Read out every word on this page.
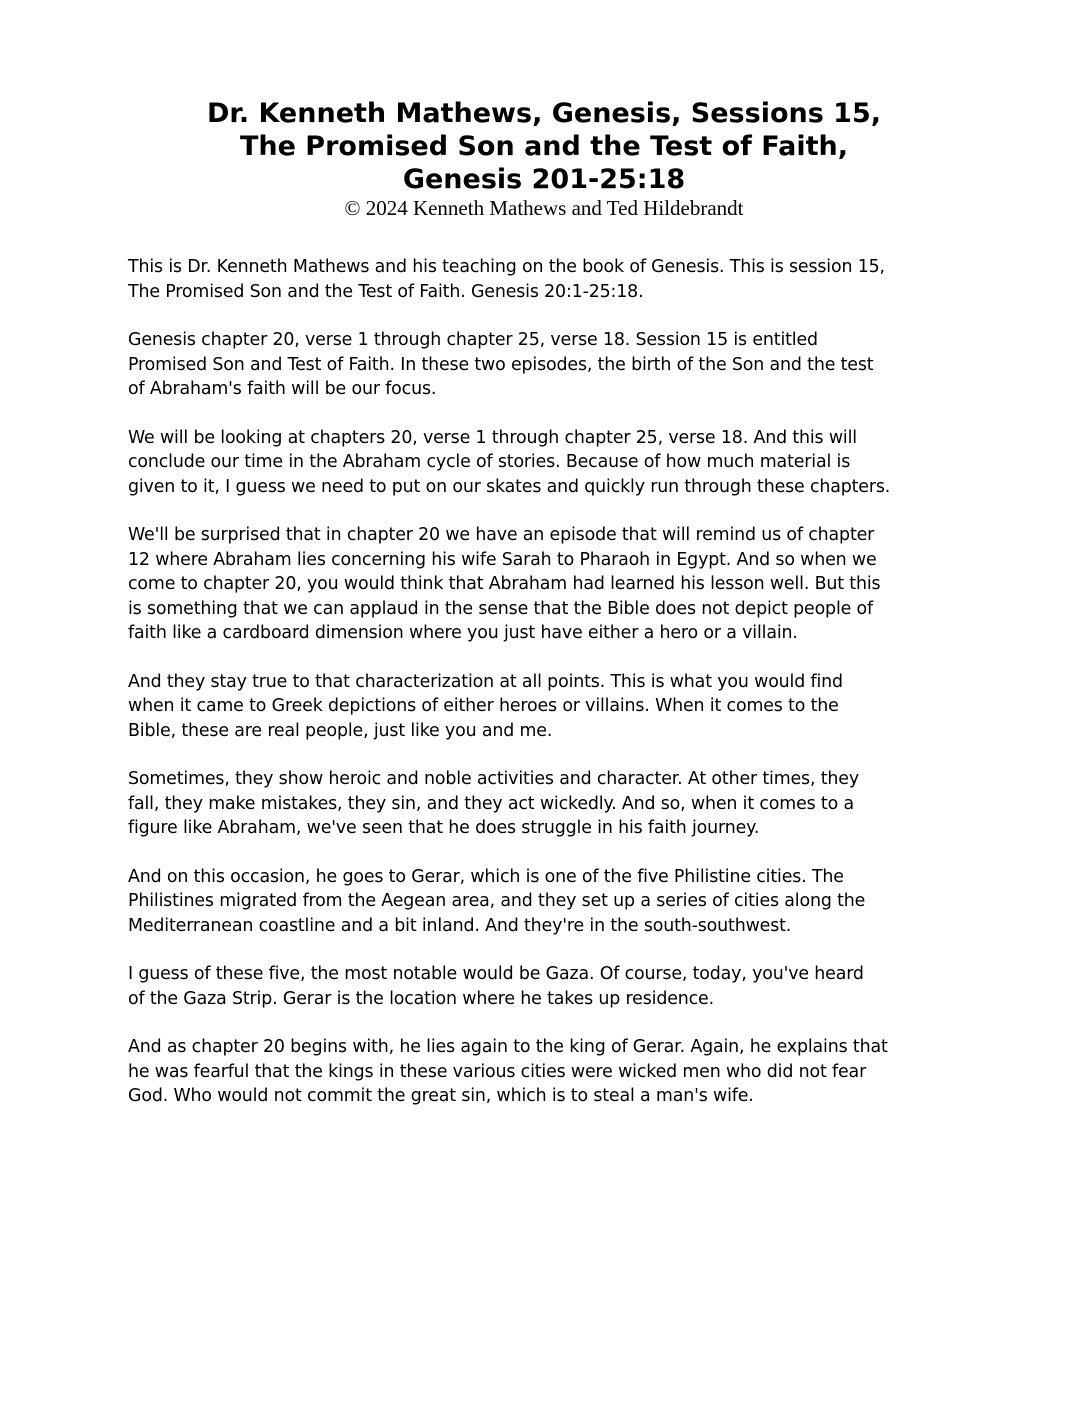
Dr. Kenneth Mathews, Genesis, Sessions 15,

The Promised Son and the Test of Faith,

Genesis 201-25:18

© 2024 Kenneth Mathews and Ted Hildebrandt

This is Dr. Kenneth Mathews and his teaching on the book of Genesis. This is session 15,
The Promised Son and the Test of Faith. Genesis 20:1-25:18.

Genesis chapter 20, verse 1 through chapter 25, verse 18. Session 15 is entitled
Promised Son and Test of Faith. In these two episodes, the birth of the Son and the test
of Abraham's faith will be our focus.

We will be looking at chapters 20, verse 1 through chapter 25, verse 18. And this will
conclude our time in the Abraham cycle of stories. Because of how much material is
given to it, I guess we need to put on our skates and quickly run through these chapters.

We'll be surprised that in chapter 20 we have an episode that will remind us of chapter
12 where Abraham lies concerning his wife Sarah to Pharaoh in Egypt. And so when we
come to chapter 20, you would think that Abraham had learned his lesson well. But this
is something that we can applaud in the sense that the Bible does not depict people of
faith like a cardboard dimension where you just have either a hero or a villain.

And they stay true to that characterization at all points. This is what you would find
when it came to Greek depictions of either heroes or villains. When it comes to the
Bible, these are real people, just like you and me.

Sometimes, they show heroic and noble activities and character. At other times, they
fall, they make mistakes, they sin, and they act wickedly. And so, when it comes to a
figure like Abraham, we've seen that he does struggle in his faith journey.

And on this occasion, he goes to Gerar, which is one of the five Philistine cities. The
Philistines migrated from the Aegean area, and they set up a series of cities along the
Mediterranean coastline and a bit inland. And they're in the south-southwest.

I guess of these five, the most notable would be Gaza. Of course, today, you've heard
of the Gaza Strip. Gerar is the location where he takes up residence.

And as chapter 20 begins with, he lies again to the king of Gerar. Again, he explains that
he was fearful that the kings in these various cities were wicked men who did not fear
God. Who would not commit the great sin, which is to steal a man's wife.
